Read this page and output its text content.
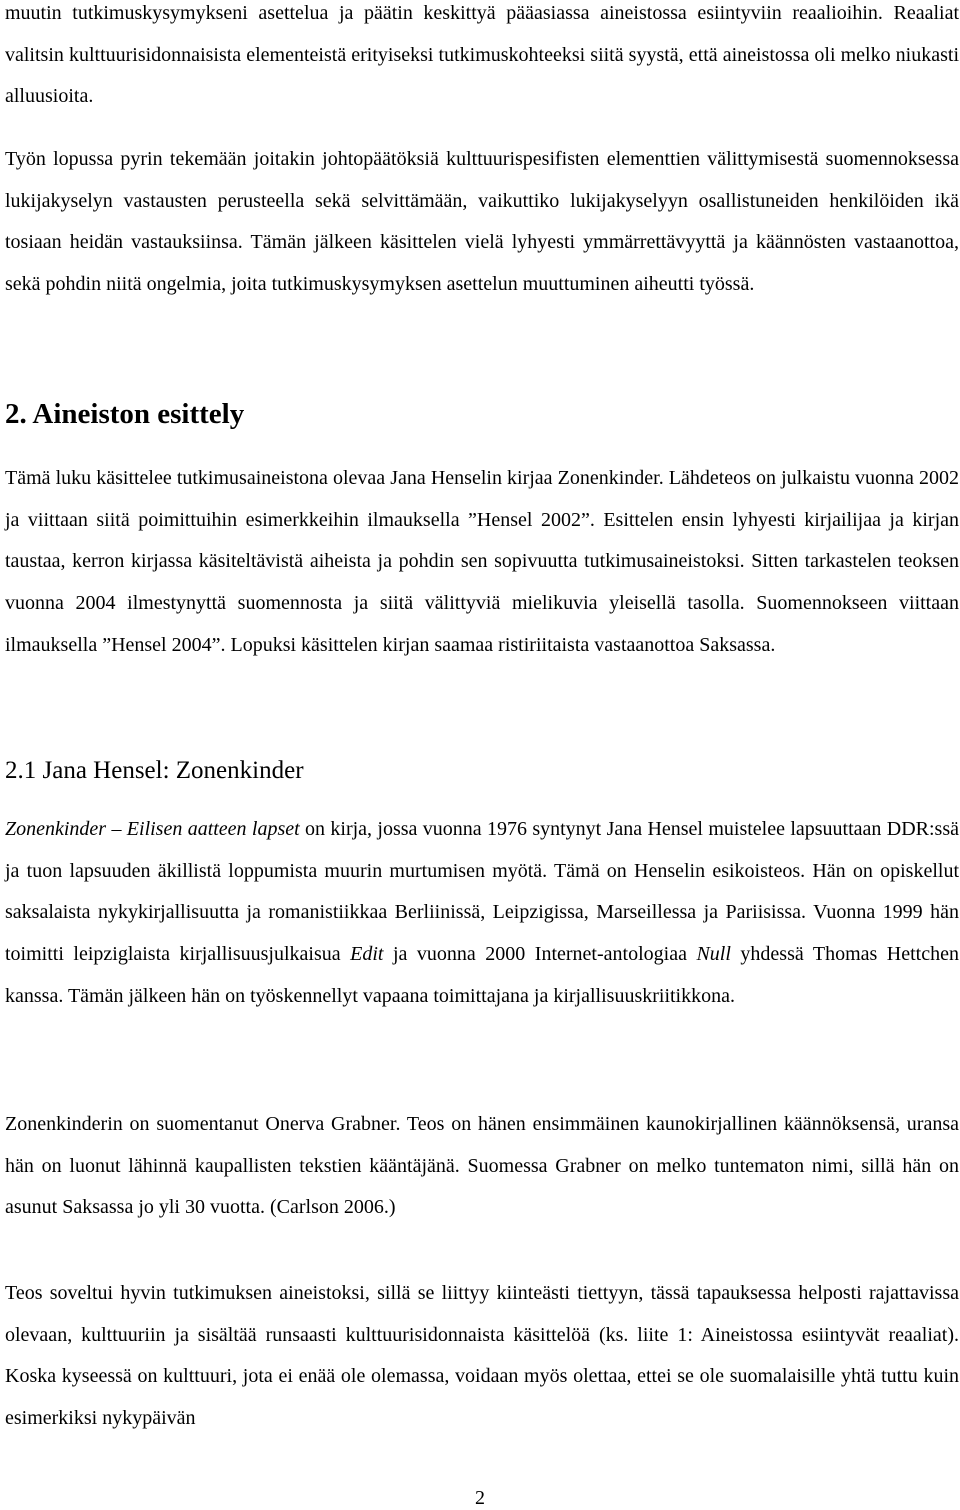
muutin tutkimuskysymykseni asettelua ja päätin keskittyä pääasiassa aineistossa esiintyviin reaalioihin. Reaaliat valitsin kulttuurisidonnaisista elementeistä erityiseksi tutkimuskohteeksi siitä syystä, että aineistossa oli melko niukasti alluusioita.

Työn lopussa pyrin tekemään joitakin johtopäätöksiä kulttuurispesifisten elementtien välittymisestä suomennoksessa lukijakyselyn vastausten perusteella sekä selvittämään, vaikuttiko lukijakyselyyn osallistuneiden henkilöiden ikä tosiaan heidän vastauksiinsa. Tämän jälkeen käsittelen vielä lyhyesti ymmärrettävyyttä ja käännösten vastaanottoa, sekä pohdin niitä ongelmia, joita tutkimuskysymyksen asettelun muuttuminen aiheutti työssä.

2. Aineiston esittely

Tämä luku käsittelee tutkimusaineistona olevaa Jana Henselin kirjaa Zonenkinder. Lähdeteos on julkaistu vuonna 2002 ja viittaan siitä poimittuihin esimerkkeihin ilmauksella ”Hensel 2002”. Esittelen ensin lyhyesti kirjailijaa ja kirjan taustaa, kerron kirjassa käsiteltävistä aiheista ja pohdin sen sopivuutta tutkimusaineistoksi. Sitten tarkastelen teoksen vuonna 2004 ilmestynyttä suomennosta ja siitä välittyviä mielikuvia yleisellä tasolla. Suomennokseen viittaan ilmauksella ”Hensel 2004”. Lopuksi käsittelen kirjan saamaa ristiriitaista vastaanottoa Saksassa.

2.1 Jana Hensel: Zonenkinder

Zonenkinder – Eilisen aatteen lapset on kirja, jossa vuonna 1976 syntynyt Jana Hensel muistelee lapsuuttaan DDR:ssä ja tuon lapsuuden äkillistä loppumista muurin murtumisen myötä. Tämä on Henselin esikoisteos. Hän on opiskellut saksalaista nykykirjallisuutta ja romanistiikkaa Berliinissä, Leipzigissa, Marseillessa ja Pariisissa. Vuonna 1999 hän toimitti leipziglaista kirjallisuusjulkaisua Edit ja vuonna 2000 Internet-antologiaa Null yhdessä Thomas Hettchen kanssa. Tämän jälkeen hän on työskennellyt vapaana toimittajana ja kirjallisuuskriitikkona.

Zonenkinderin on suomentanut Onerva Grabner. Teos on hänen ensimmäinen kaunokirjallinen käännöksensä, uransa hän on luonut lähinnä kaupallisten tekstien kääntäjänä. Suomessa Grabner on melko tuntematon nimi, sillä hän on asunut Saksassa jo yli 30 vuotta. (Carlson 2006.)

Teos soveltui hyvin tutkimuksen aineistoksi, sillä se liittyy kiinteästi tiettyyn, tässä tapauksessa helposti rajattavissa olevaan, kulttuuriin ja sisältää runsaasti kulttuurisidonnaista käsittelöä (ks. liite 1: Aineistossa esiintyvät reaaliat). Koska kyseessä on kulttuuri, jota ei enää ole olemassa, voidaan myös olettaa, ettei se ole suomalaisille yhtä tuttu kuin esimerkiksi nykypäivän

2
